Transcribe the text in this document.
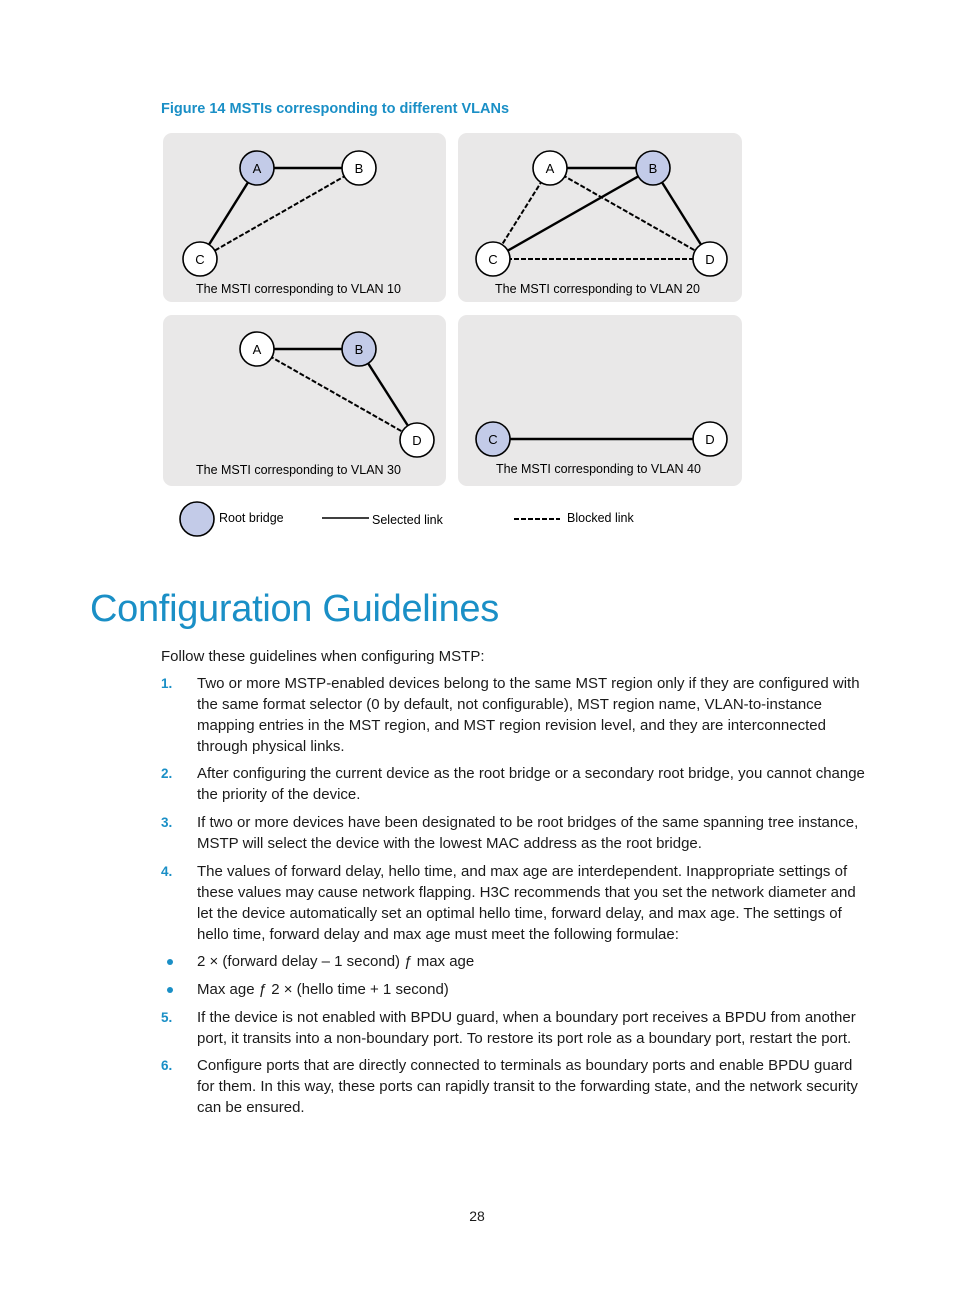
Figure 14 MSTIs corresponding to different VLANs
A	B
C
The MSTI corresponding to VLAN 10
A	B
C	D
The MSTI corresponding to VLAN 20
A	B
D
The MSTI corresponding to VLAN 30
C	D
The MSTI corresponding to VLAN 40
Root bridge	Selected link	Blocked link
Configuration Guidelines

Follow these guidelines when configuring MSTP:

1. Two or more MSTP-enabled devices belong to the same MST region only if they are configured with the same format selector (0 by default, not configurable), MST region name, VLAN-to-instance mapping entries in the MST region, and MST region revision level, and they are interconnected through physical links.
2. After configuring the current device as the root bridge or a secondary root bridge, you cannot change the priority of the device.
3. If two or more devices have been designated to be root bridges of the same spanning tree instance, MSTP will select the device with the lowest MAC address as the root bridge.
4. The values of forward delay, hello time, and max age are interdependent. Inappropriate settings of these values may cause network flapping. H3C recommends that you set the network diameter and let the device automatically set an optimal hello time, forward delay, and max age. The settings of hello time, forward delay and max age must meet the following formulae:
2 × (forward delay – 1 second) ƒ max age
Max age ƒ 2 × (hello time + 1 second)
5. If the device is not enabled with BPDU guard, when a boundary port receives a BPDU from another port, it transits into a non-boundary port. To restore its port role as a boundary port, restart the port.
6. Configure ports that are directly connected to terminals as boundary ports and enable BPDU guard for them. In this way, these ports can rapidly transit to the forwarding state, and the network security can be ensured.
28
